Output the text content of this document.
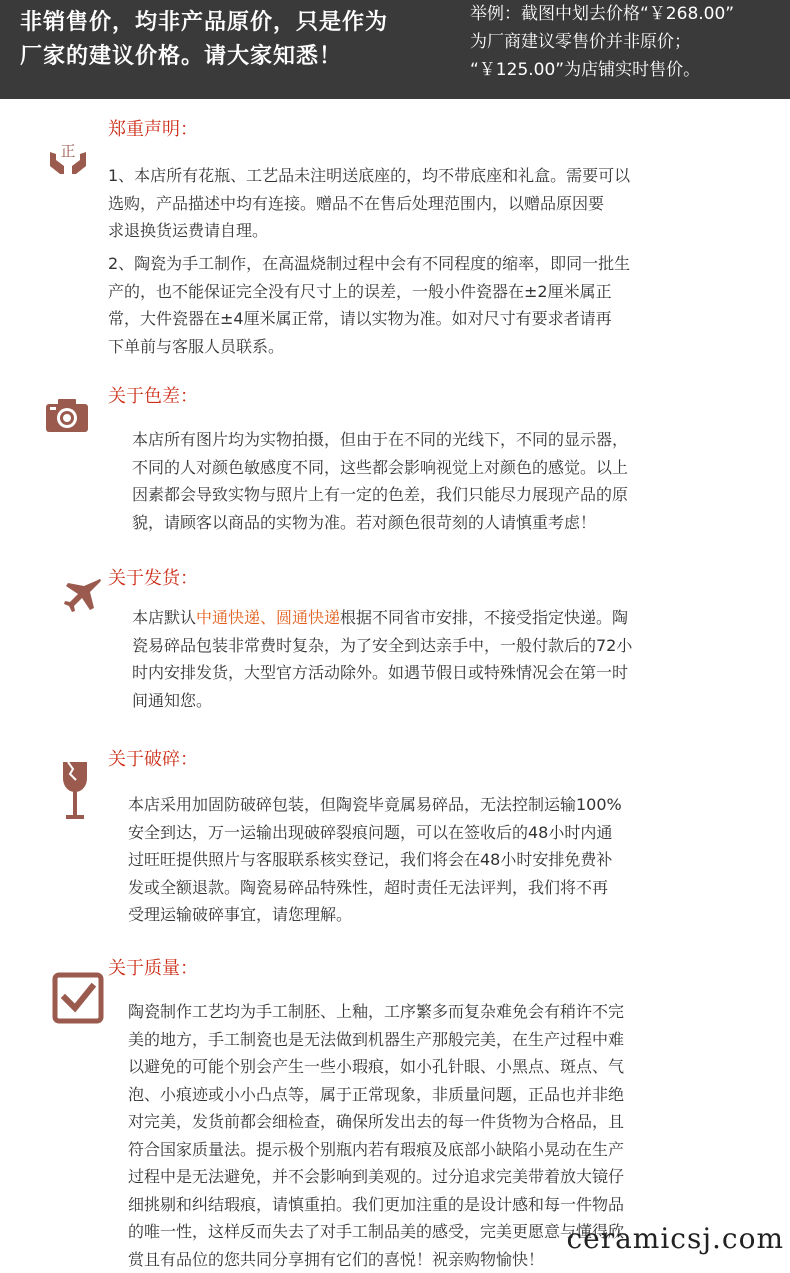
非销售价，均非产品原价，只是作为
厂家的建议价格。请大家知悉！
举例：截图中划去价格“￥268.00”
为厂商建议零售价并非原价；
“￥125.00”为店铺实时售价。
正
郑重声明：
1、本店所有花瓶、工艺品未注明送底座的，均不带底座和礼盒。需要可以
选购，产品描述中均有连接。赠品不在售后处理范围内，以赠品原因要
求退换货运费请自理。
2、陶瓷为手工制作，在高温烧制过程中会有不同程度的缩率，即同一批生
产的，也不能保证完全没有尺寸上的误差，一般小件瓷器在±2厘米属正
常，大件瓷器在±4厘米属正常，请以实物为准。如对尺寸有要求者请再
下单前与客服人员联系。
关于色差：
本店所有图片均为实物拍摄，但由于在不同的光线下，不同的显示器，
不同的人对颜色敏感度不同，这些都会影响视觉上对颜色的感觉。以上
因素都会导致实物与照片上有一定的色差，我们只能尽力展现产品的原
貌，请顾客以商品的实物为准。若对颜色很苛刻的人请慎重考虑！
关于发货：
本店默认中通快递、圆通快递根据不同省市安排，不接受指定快递。陶
瓷易碎品包装非常费时复杂，为了安全到达亲手中，一般付款后的72小
时内安排发货，大型官方活动除外。如遇节假日或特殊情况会在第一时
间通知您。
关于破碎：
本店采用加固防破碎包装，但陶瓷毕竟属易碎品，无法控制运输100%
安全到达，万一运输出现破碎裂痕问题，可以在签收后的48小时内通
过旺旺提供照片与客服联系核实登记，我们将会在48小时安排免费补
发或全额退款。陶瓷易碎品特殊性，超时责任无法评判，我们将不再
受理运输破碎事宜，请您理解。
关于质量：
陶瓷制作工艺均为手工制胚、上釉，工序繁多而复杂难免会有稍许不完
美的地方，手工制瓷也是无法做到机器生产那般完美，在生产过程中难
以避免的可能个别会产生一些小瑕痕，如小孔针眼、小黑点、斑点、气
泡、小痕迹或小小凸点等，属于正常现象，非质量问题，正品也并非绝
对完美，发货前都会细检查，确保所发出去的每一件货物为合格品，且
符合国家质量法。提示极个别瓶内若有瑕痕及底部小缺陷小晃动在生产
过程中是无法避免，并不会影响到美观的。过分追求完美带着放大镜仔
细挑剔和纠结瑕痕，请慎重拍。我们更加注重的是设计感和每一件物品
的唯一性，这样反而失去了对手工制品美的感受，完美更愿意与懂得欣
赏且有品位的您共同分享拥有它们的喜悦！祝亲购物愉快！
ceramicsj.com
